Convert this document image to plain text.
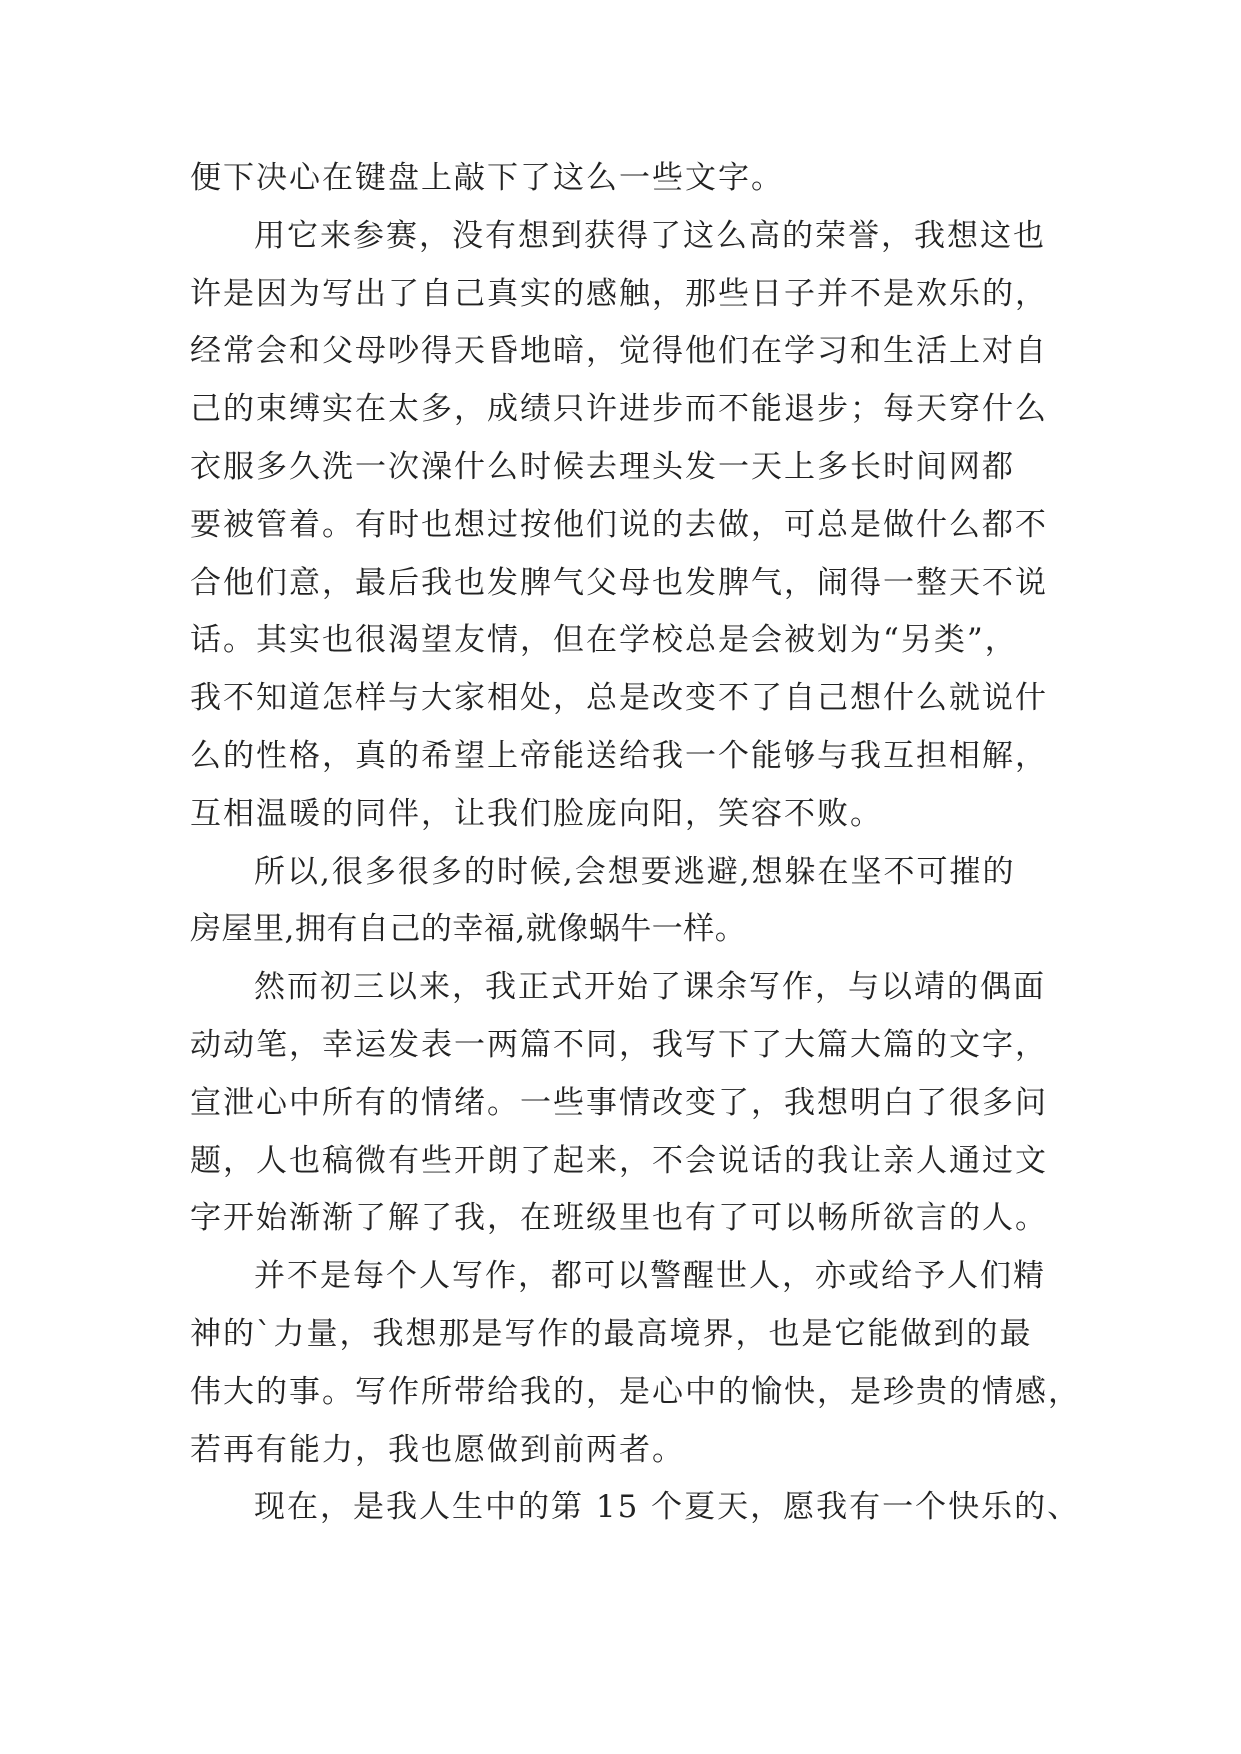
便下决心在键盘上敲下了这么一些文字。
用它来参赛，没有想到获得了这么高的荣誉，我想这也
许是因为写出了自己真实的感触，那些日子并不是欢乐的，
经常会和父母吵得天昏地暗，觉得他们在学习和生活上对自
己的束缚实在太多，成绩只许进步而不能退步；每天穿什么
衣服多久洗一次澡什么时候去理头发一天上多长时间网都
要被管着。有时也想过按他们说的去做，可总是做什么都不
合他们意，最后我也发脾气父母也发脾气，闹得一整天不说
话。其实也很渴望友情，但在学校总是会被划为“另类”，
我不知道怎样与大家相处，总是改变不了自己想什么就说什
么的性格，真的希望上帝能送给我一个能够与我互担相解，
互相温暖的同伴，让我们脸庞向阳，笑容不败。
所以,很多很多的时候,会想要逃避,想躲在坚不可摧的
房屋里,拥有自己的幸福,就像蜗牛一样。
然而初三以来，我正式开始了课余写作，与以靖的偶面
动动笔，幸运发表一两篇不同，我写下了大篇大篇的文字，
宣泄心中所有的情绪。一些事情改变了，我想明白了很多问
题，人也稿微有些开朗了起来，不会说话的我让亲人通过文
字开始渐渐了解了我，在班级里也有了可以畅所欲言的人。
并不是每个人写作，都可以警醒世人，亦或给予人们精
神的`力量，我想那是写作的最高境界，也是它能做到的最
伟大的事。写作所带给我的，是心中的愉快，是珍贵的情感，
若再有能力，我也愿做到前两者。
现在，是我人生中的第 15 个夏天，愿我有一个快乐的、
